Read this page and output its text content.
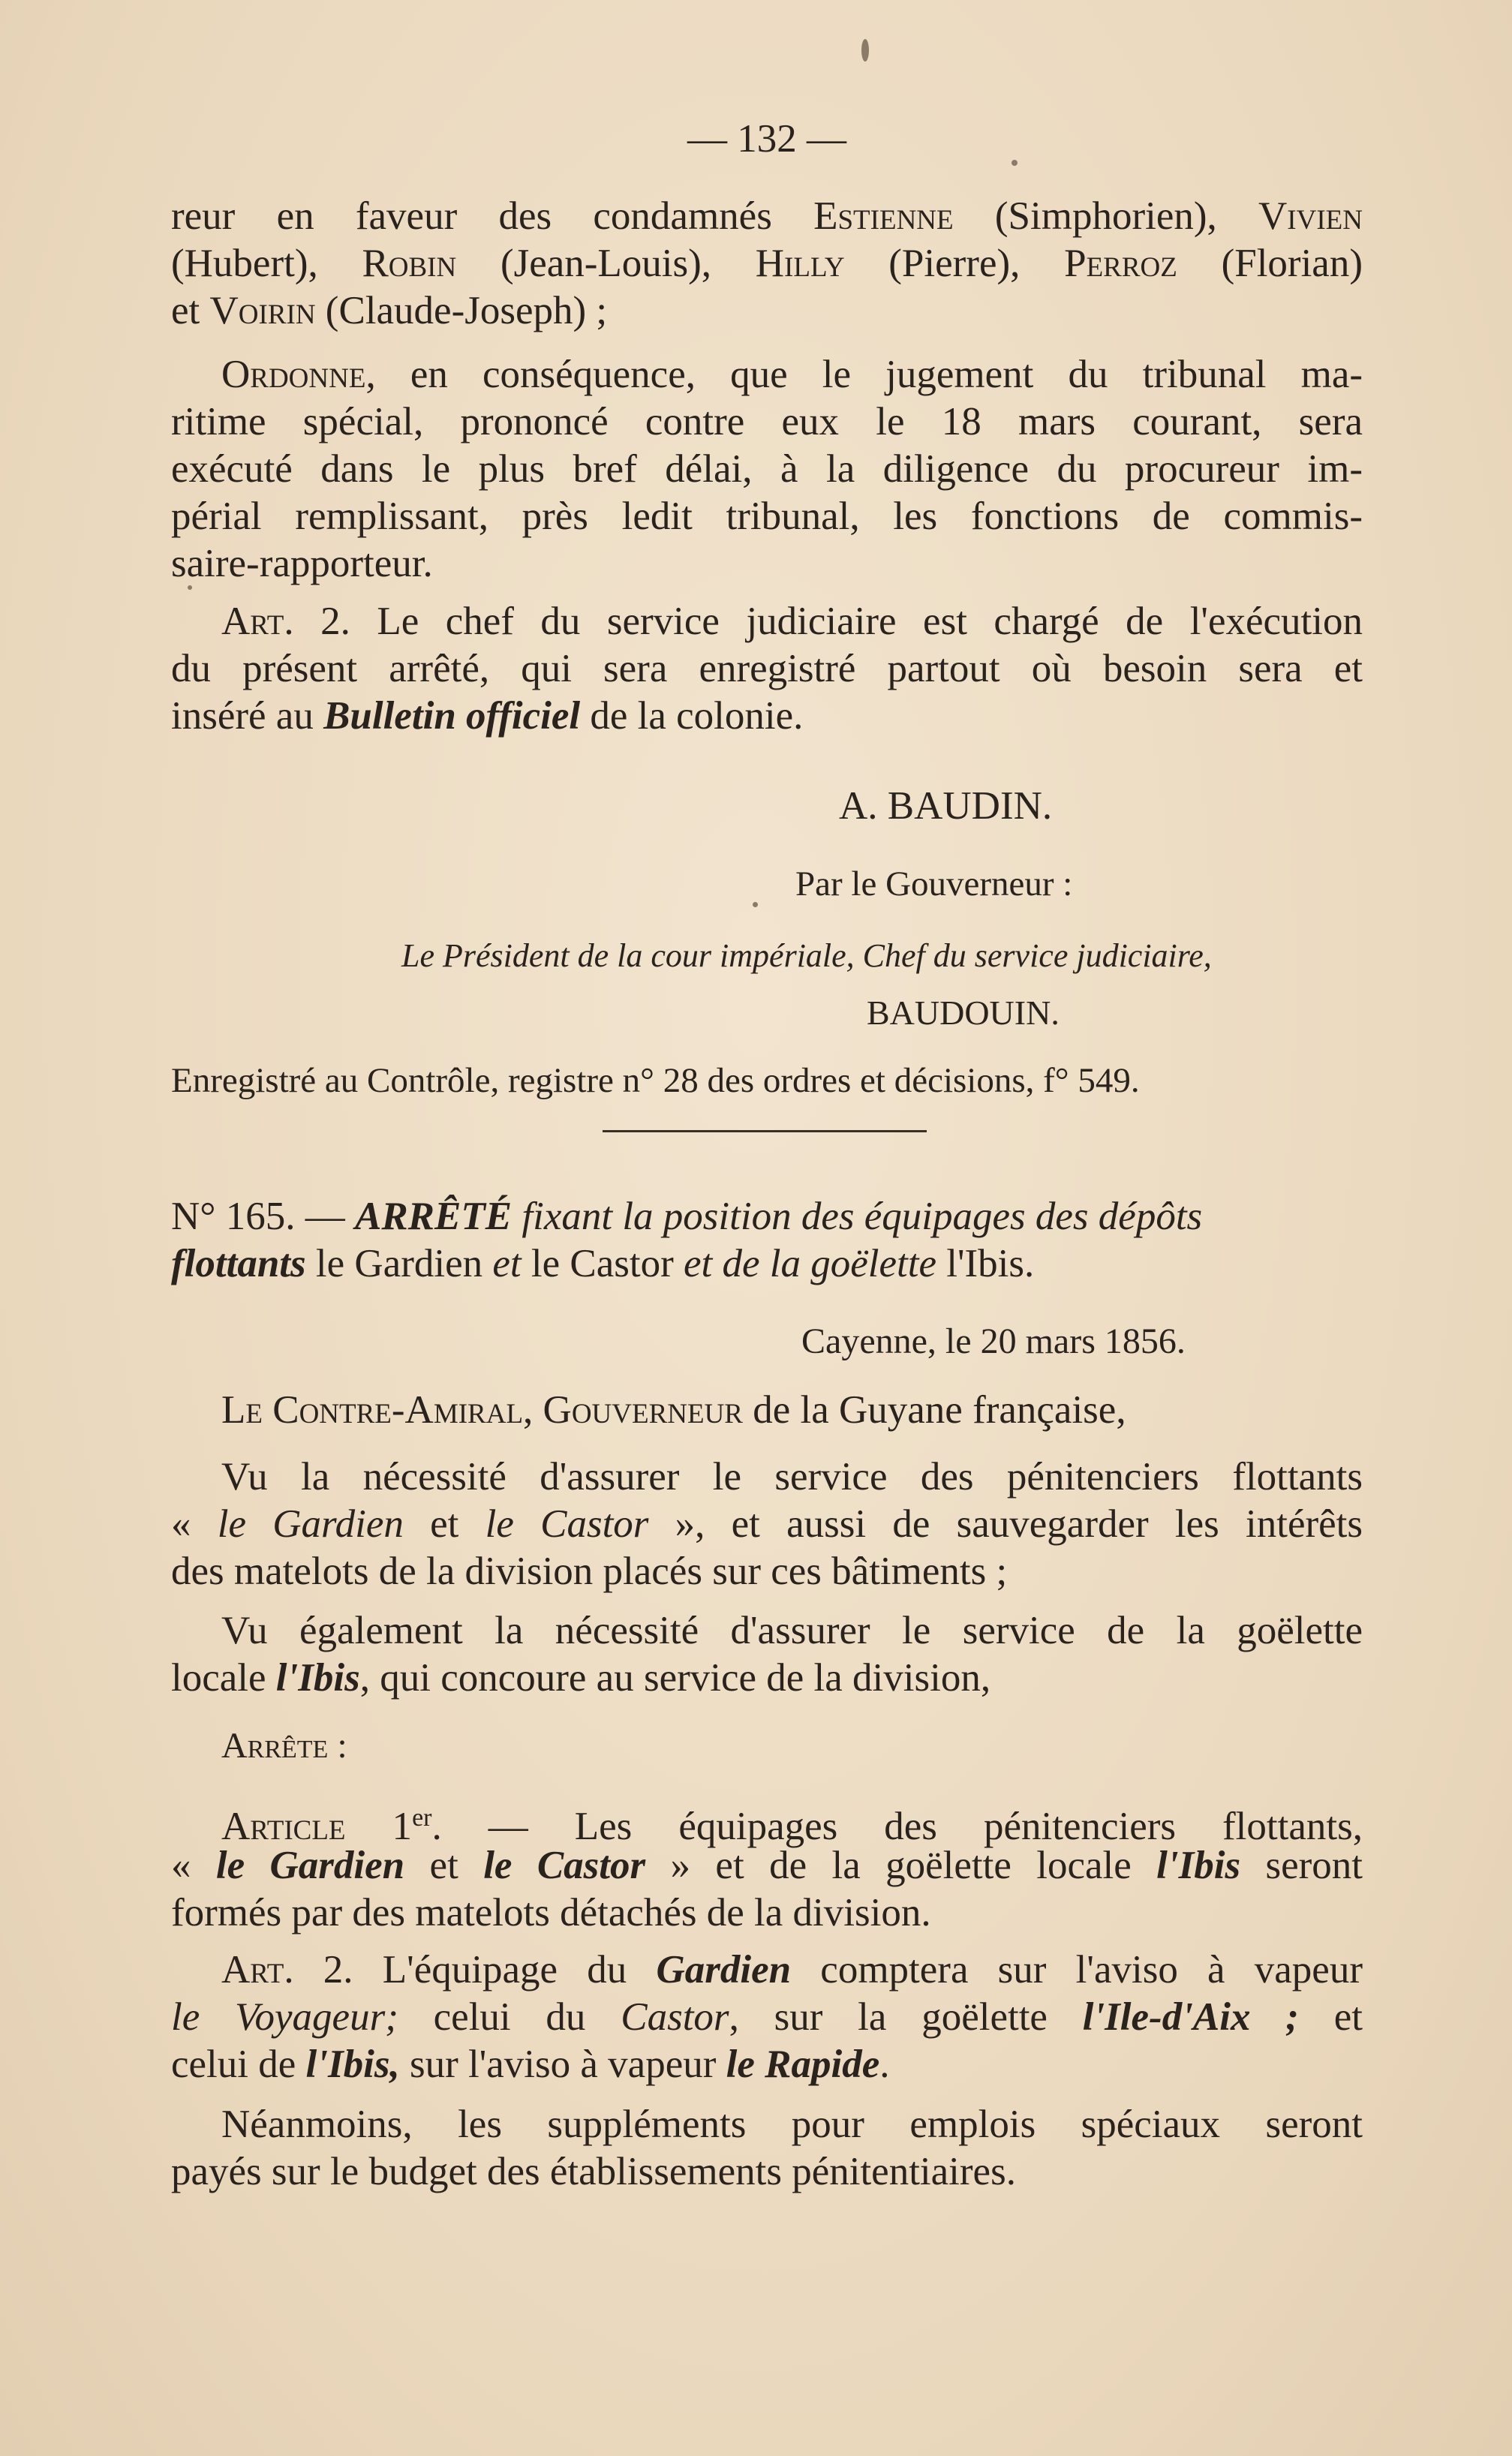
— 132 —
reur en faveur des condamnés Estienne (Simphorien), Vivien
(Hubert), Robin (Jean-Louis), Hilly (Pierre), Perroz (Florian)
et Voirin (Claude-Joseph) ;
Ordonne, en conséquence, que le jugement du tribunal ma-
ritime spécial, prononcé contre eux le 18 mars courant, sera
exécuté dans le plus bref délai, à la diligence du procureur im-
périal remplissant, près ledit tribunal, les fonctions de commis-
saire-rapporteur.
Art. 2. Le chef du service judiciaire est chargé de l'exécution
du présent arrêté, qui sera enregistré partout où besoin sera et
inséré au Bulletin officiel de la colonie.
A. BAUDIN.
Par le Gouverneur :
Le Président de la cour impériale, Chef du service judiciaire,
BAUDOUIN.
Enregistré au Contrôle, registre n° 28 des ordres et décisions, f° 549.
N° 165. — ARRÊTÉ fixant la position des équipages des dépôts
flottants le Gardien et le Castor et de la goëlette l'Ibis.
Cayenne, le 20 mars 1856.
Le Contre-Amiral, Gouverneur de la Guyane française,
Vu la nécessité d'assurer le service des pénitenciers flottants
« le Gardien et le Castor », et aussi de sauvegarder les intérêts
des matelots de la division placés sur ces bâtiments ;
Vu également la nécessité d'assurer le service de la goëlette
locale l'Ibis, qui concoure au service de la division,
Arrête :
Article 1er. — Les équipages des pénitenciers flottants,
« le Gardien et le Castor » et de la goëlette locale l'Ibis seront
formés par des matelots détachés de la division.
Art. 2. L'équipage du Gardien comptera sur l'aviso à vapeur
le Voyageur; celui du Castor, sur la goëlette l'Ile-d'Aix ; et
celui de l'Ibis, sur l'aviso à vapeur le Rapide.
Néanmoins, les suppléments pour emplois spéciaux seront
payés sur le budget des établissements pénitentiaires.
